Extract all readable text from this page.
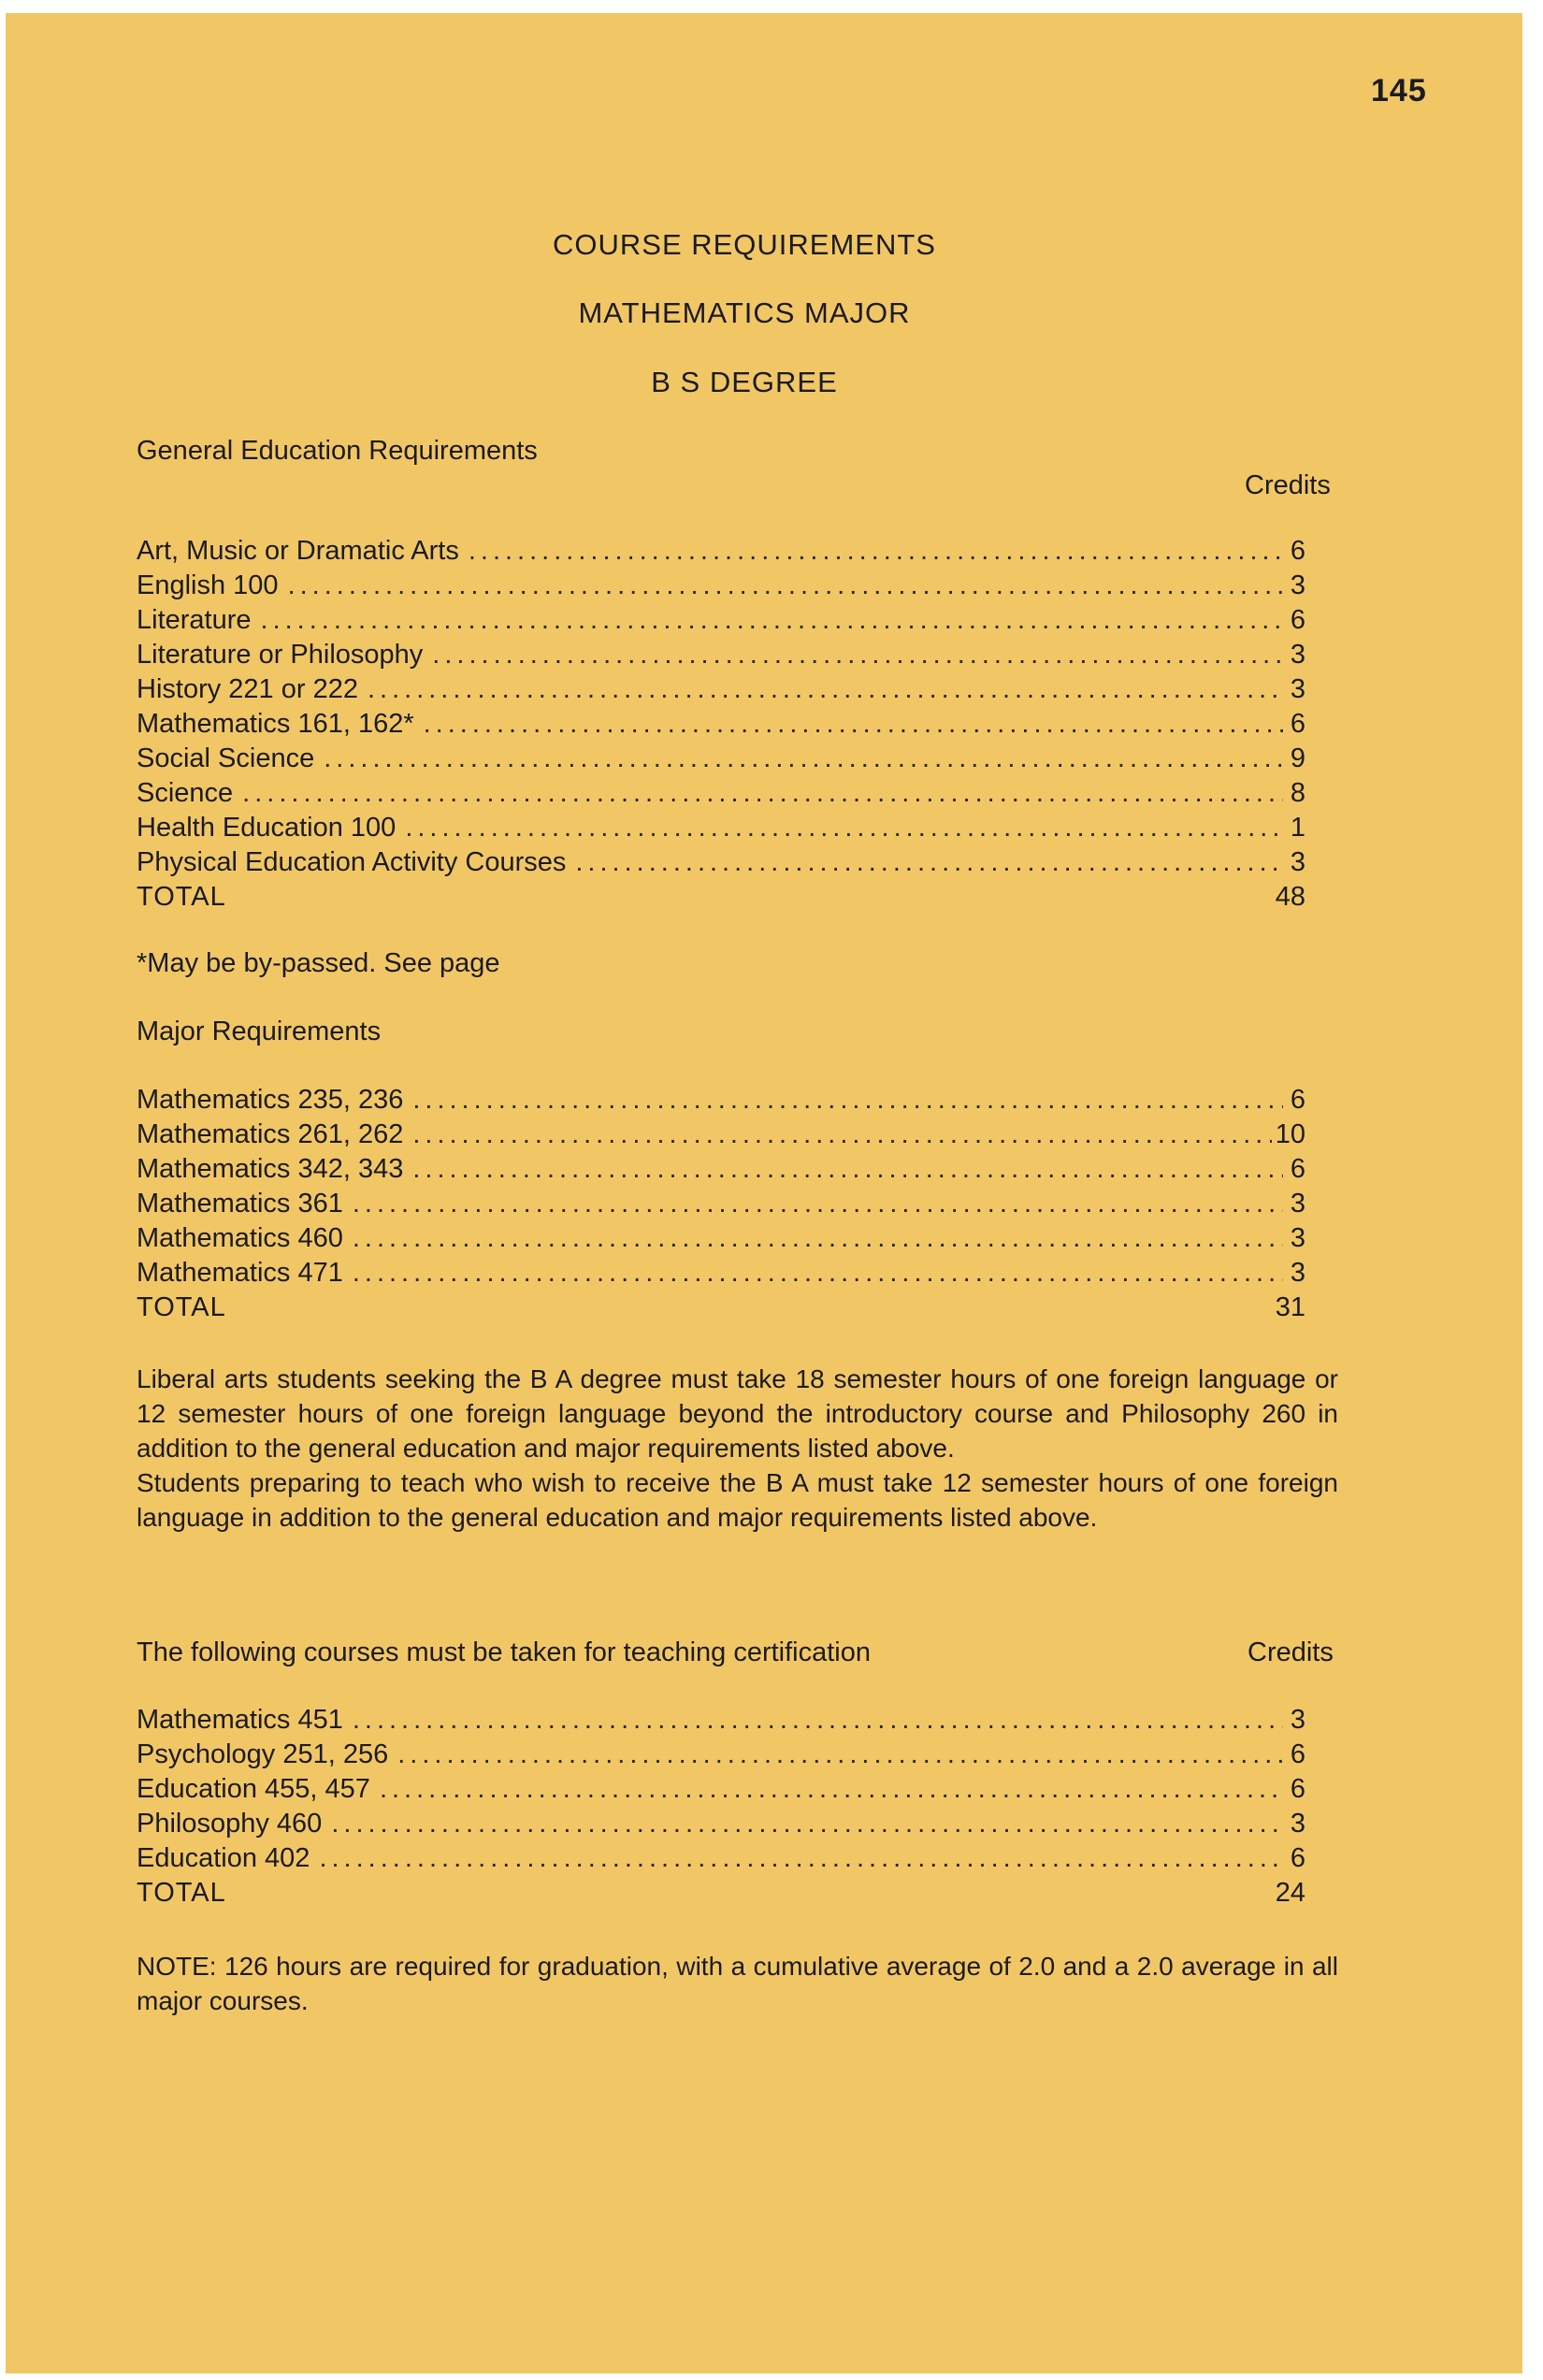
145
COURSE REQUIREMENTS
MATHEMATICS MAJOR
B S DEGREE
General Education Requirements
Credits
Art, Music or Dramatic Arts .....	6
English 100 .....	3
Literature .....	6
Literature or Philosophy .....	3
History 221 or 222 .....	3
Mathematics 161, 162* .....	6
Social Science .....	9
Science .....	8
Health Education 100 .....	1
Physical Education Activity Courses .....	3
TOTAL	48
*May be by-passed. See page
Major Requirements
Mathematics 235, 236 .....	6
Mathematics 261, 262 .....	10
Mathematics 342, 343 .....	6
Mathematics 361 .....	3
Mathematics 460 .....	3
Mathematics 471 .....	3
TOTAL	31

Liberal arts students seeking the B A degree must take 18 semester hours of one foreign language or 12 semester hours of one foreign language beyond the introductory course and Philosophy 260 in addition to the general education and major requirements listed above.

Students preparing to teach who wish to receive the B A must take 12 semester hours of one foreign language in addition to the general education and major requirements listed above.

The following courses must be taken for teaching certification	Credits
Mathematics 451 .....	3
Psychology 251, 256 .....	6
Education 455, 457 .....	6
Philosophy 460 .....	3
Education 402 .....	6
TOTAL	24
NOTE: 126 hours are required for graduation, with a cumulative average of 2.0 and a 2.0 average in all major courses.
